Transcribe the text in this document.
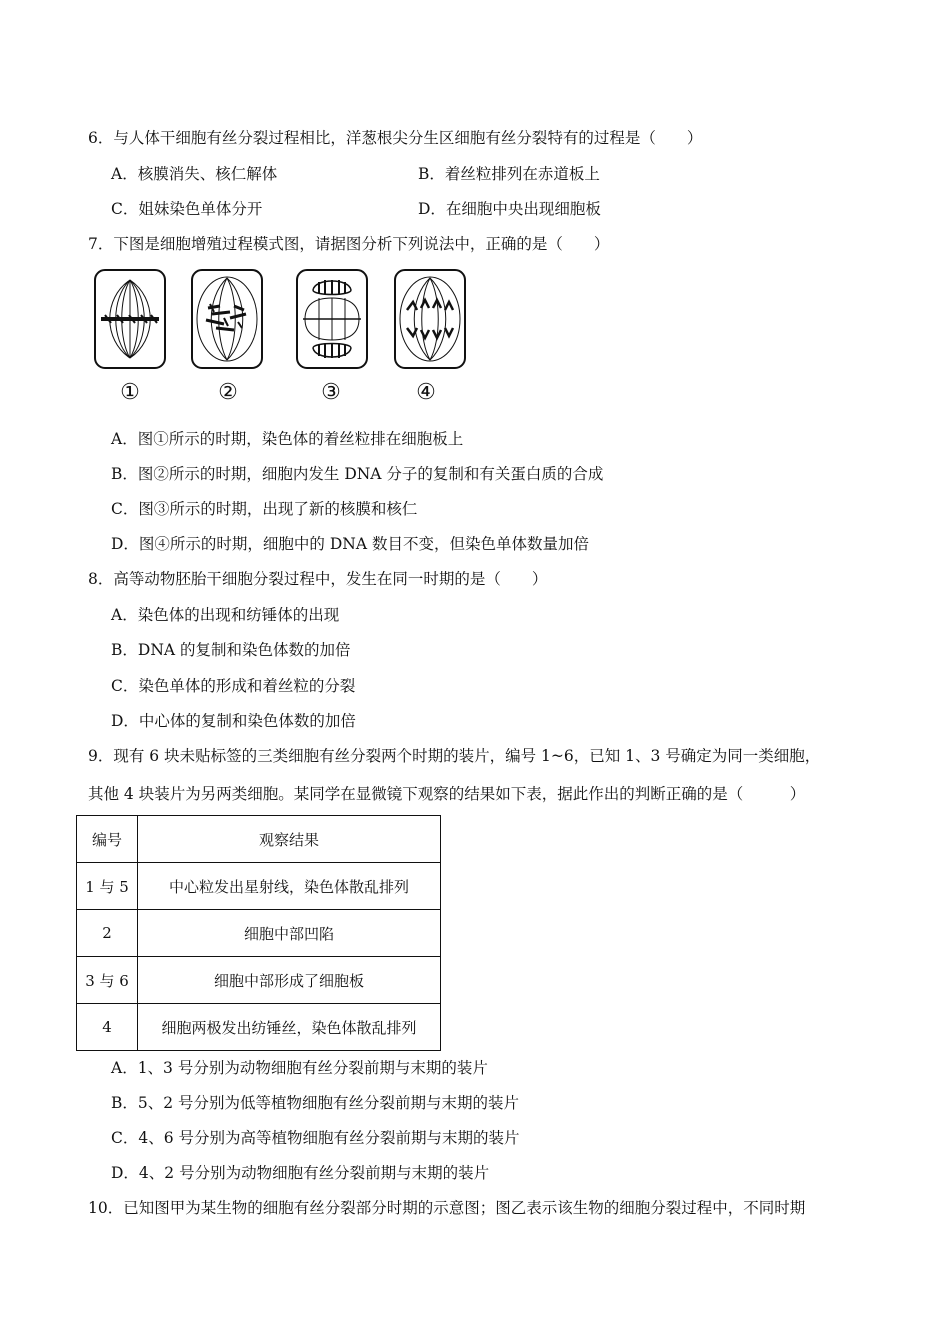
6．与人体干细胞有丝分裂过程相比，洋葱根尖分生区细胞有丝分裂特有的过程是（　　）
A．核膜消失、核仁解体	B．着丝粒排列在赤道板上
C．姐妹染色单体分开	D．在细胞中央出现细胞板
7．下图是细胞增殖过程模式图，请据图分析下列说法中，正确的是（　　）
①	②	③	④
A．图①所示的时期，染色体的着丝粒排在细胞板上
B．图②所示的时期，细胞内发生 DNA 分子的复制和有关蛋白质的合成
C．图③所示的时期，出现了新的核膜和核仁
D．图④所示的时期，细胞中的 DNA 数目不变，但染色单体数量加倍
8．高等动物胚胎干细胞分裂过程中，发生在同一时期的是（　　）
A．染色体的出现和纺锤体的出现
B．DNA 的复制和染色体数的加倍
C．染色单体的形成和着丝粒的分裂
D．中心体的复制和染色体数的加倍
9．现有 6 块未贴标签的三类细胞有丝分裂两个时期的装片，编号 1~6，已知 1、3 号确定为同一类细胞，
其他 4 块装片为另两类细胞。某同学在显微镜下观察的结果如下表，据此作出的判断正确的是（　　　）
编号	观察结果
1 与 5	中心粒发出星射线，染色体散乱排列
2	细胞中部凹陷
3 与 6	细胞中部形成了细胞板
4	细胞两极发出纺锤丝，染色体散乱排列
A．1、3 号分别为动物细胞有丝分裂前期与末期的装片
B．5、2 号分别为低等植物细胞有丝分裂前期与末期的装片
C．4、6 号分别为高等植物细胞有丝分裂前期与末期的装片
D．4、2 号分别为动物细胞有丝分裂前期与末期的装片
10．已知图甲为某生物的细胞有丝分裂部分时期的示意图；图乙表示该生物的细胞分裂过程中，不同时期
